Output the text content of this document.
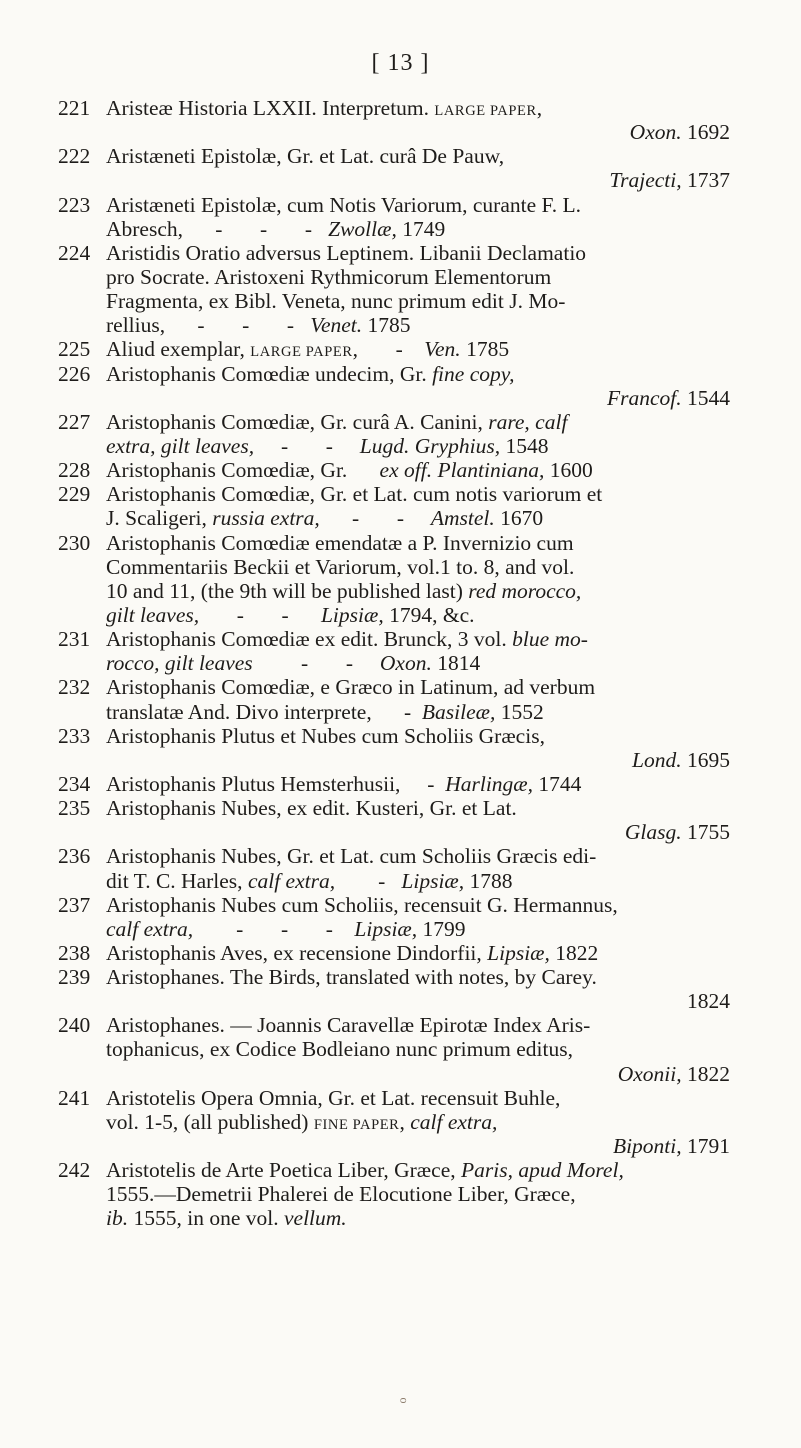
[ 13 ]
221 Aristeæ Historia LXXII. Interpretum. LARGE PAPER,
Oxon. 1692
222 Aristæneti Epistolæ, Gr. et Lat. curâ De Pauw,
Trajecti, 1737
223 Aristæneti Epistolæ, cum Notis Variorum, curante F. L.
Abresch,      -       -       -   Zwollæ, 1749
224 Aristidis Oratio adversus Leptinem. Libanii Declamatio
pro Socrate. Aristoxeni Rythmicorum Elementorum
Fragmenta, ex Bibl. Veneta, nunc primum edit J. Mo-
rellius,      -       -       -   Venet. 1785
225 Aliud exemplar, LARGE PAPER,       -    Ven. 1785
226 Aristophanis Comœdiæ undecim, Gr. fine copy,
Francof. 1544
227 Aristophanis Comœdiæ, Gr. curâ A. Canini, rare, calf
extra, gilt leaves,     -       -     Lugd. Gryphius, 1548
228 Aristophanis Comœdiæ, Gr.      ex off. Plantiniana, 1600
229 Aristophanis Comœdiæ, Gr. et Lat. cum notis variorum et
J. Scaligeri, russia extra,      -       -     Amstel. 1670
230 Aristophanis Comœdiæ emendatæ a P. Invernizio cum
Commentariis Beckii et Variorum, vol.1 to. 8, and vol.
10 and 11, (the 9th will be published last) red morocco,
gilt leaves,       -       -      Lipsiæ, 1794, &c.
231 Aristophanis Comœdiæ ex edit. Brunck, 3 vol. blue mo-
rocco, gilt leaves         -       -     Oxon. 1814
232 Aristophanis Comœdiæ, e Græco in Latinum, ad verbum
translatæ And. Divo interprete,      -  Basileæ, 1552
233 Aristophanis Plutus et Nubes cum Scholiis Græcis,
Lond. 1695
234 Aristophanis Plutus Hemsterhusii,     -  Harlingæ, 1744
235 Aristophanis Nubes, ex edit. Kusteri, Gr. et Lat.
Glasg. 1755
236 Aristophanis Nubes, Gr. et Lat. cum Scholiis Græcis edi-
dit T. C. Harles, calf extra,        -   Lipsiæ, 1788
237 Aristophanis Nubes cum Scholiis, recensuit G. Hermannus,
calf extra,        -       -       -    Lipsiæ, 1799
238 Aristophanis Aves, ex recensione Dindorfii, Lipsiæ, 1822
239 Aristophanes. The Birds, translated with notes, by Carey.
1824
240 Aristophanes. — Joannis Caravellæ Epirotæ Index Aris-
tophanicus, ex Codice Bodleiano nunc primum editus,
Oxonii, 1822
241 Aristotelis Opera Omnia, Gr. et Lat. recensuit Buhle,
vol. 1-5, (all published) FINE PAPER, calf extra,
Biponti, 1791
242 Aristotelis de Arte Poetica Liber, Græce, Paris, apud Morel,
1555.—Demetrii Phalerei de Elocutione Liber, Græce,
ib. 1555, in one vol. vellum.
ᴑ
